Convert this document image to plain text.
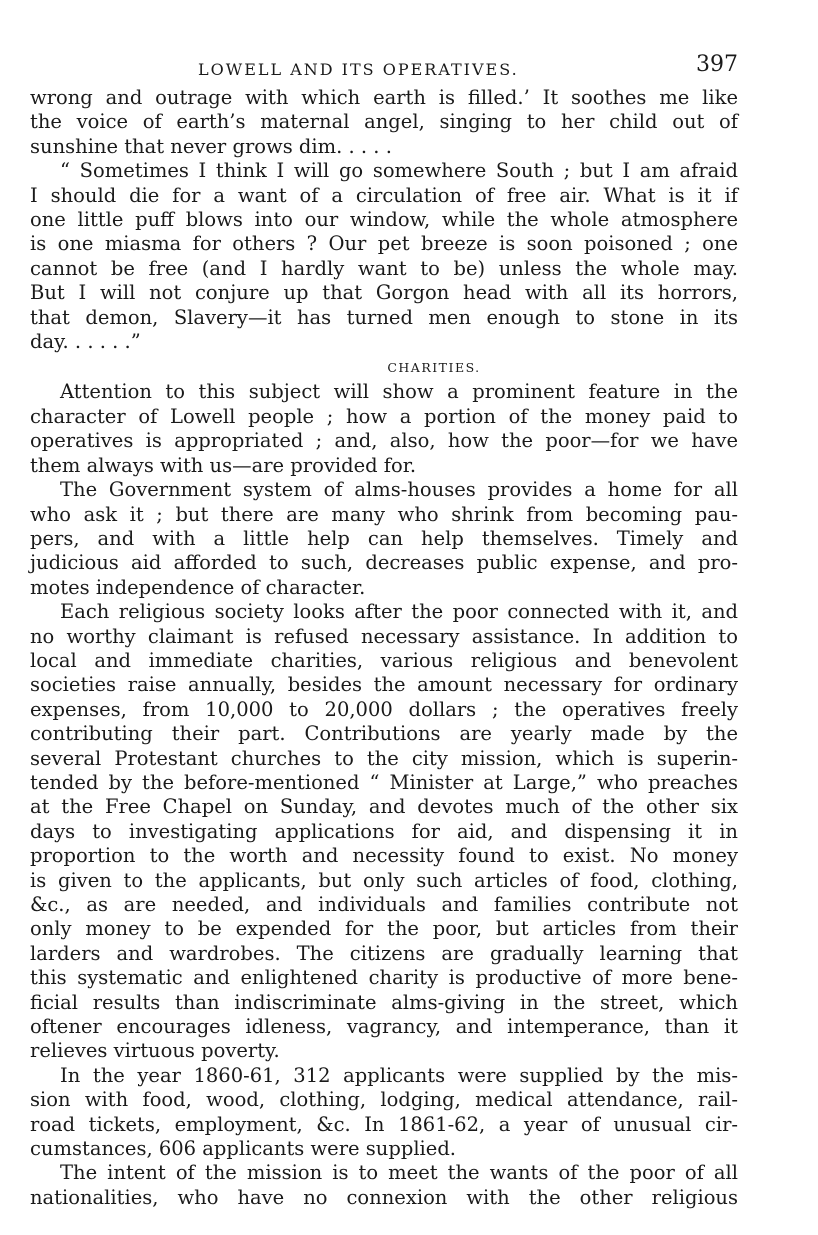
LOWELL AND ITS OPERATIVES.	397
wrong and outrage with which earth is filled.’ It soothes me like
the voice of earth’s maternal angel, singing to her child out of
sunshine that never grows dim. . . . .
“ Sometimes I think I will go somewhere South ; but I am afraid
I should die for a want of a circulation of free air. What is it if
one little puff blows into our window, while the whole atmosphere
is one miasma for others ? Our pet breeze is soon poisoned ; one
cannot be free (and I hardly want to be) unless the whole may.
But I will not conjure up that Gorgon head with all its horrors,
that demon, Slavery—it has turned men enough to stone in its
day. . . . . .”
CHARITIES.
Attention to this subject will show a prominent feature in the
character of Lowell people ; how a portion of the money paid to
operatives is appropriated ; and, also, how the poor—for we have
them always with us—are provided for.
The Government system of alms-houses provides a home for all
who ask it ; but there are many who shrink from becoming pau-
pers, and with a little help can help themselves. Timely and
judicious aid afforded to such, decreases public expense, and pro-
motes independence of character.
Each religious society looks after the poor connected with it, and
no worthy claimant is refused necessary assistance. In addition to
local and immediate charities, various religious and benevolent
societies raise annually, besides the amount necessary for ordinary
expenses, from 10,000 to 20,000 dollars ; the operatives freely
contributing their part. Contributions are yearly made by the
several Protestant churches to the city mission, which is superin-
tended by the before-mentioned “ Minister at Large,” who preaches
at the Free Chapel on Sunday, and devotes much of the other six
days to investigating applications for aid, and dispensing it in
proportion to the worth and necessity found to exist. No money
is given to the applicants, but only such articles of food, clothing,
&c., as are needed, and individuals and families contribute not
only money to be expended for the poor, but articles from their
larders and wardrobes. The citizens are gradually learning that
this systematic and enlightened charity is productive of more bene-
ficial results than indiscriminate alms-giving in the street, which
oftener encourages idleness, vagrancy, and intemperance, than it
relieves virtuous poverty.
In the year 1860-61, 312 applicants were supplied by the mis-
sion with food, wood, clothing, lodging, medical attendance, rail-
road tickets, employment, &c. In 1861-62, a year of unusual cir-
cumstances, 606 applicants were supplied.
The intent of the mission is to meet the wants of the poor of all
nationalities, who have no connexion with the other religious
